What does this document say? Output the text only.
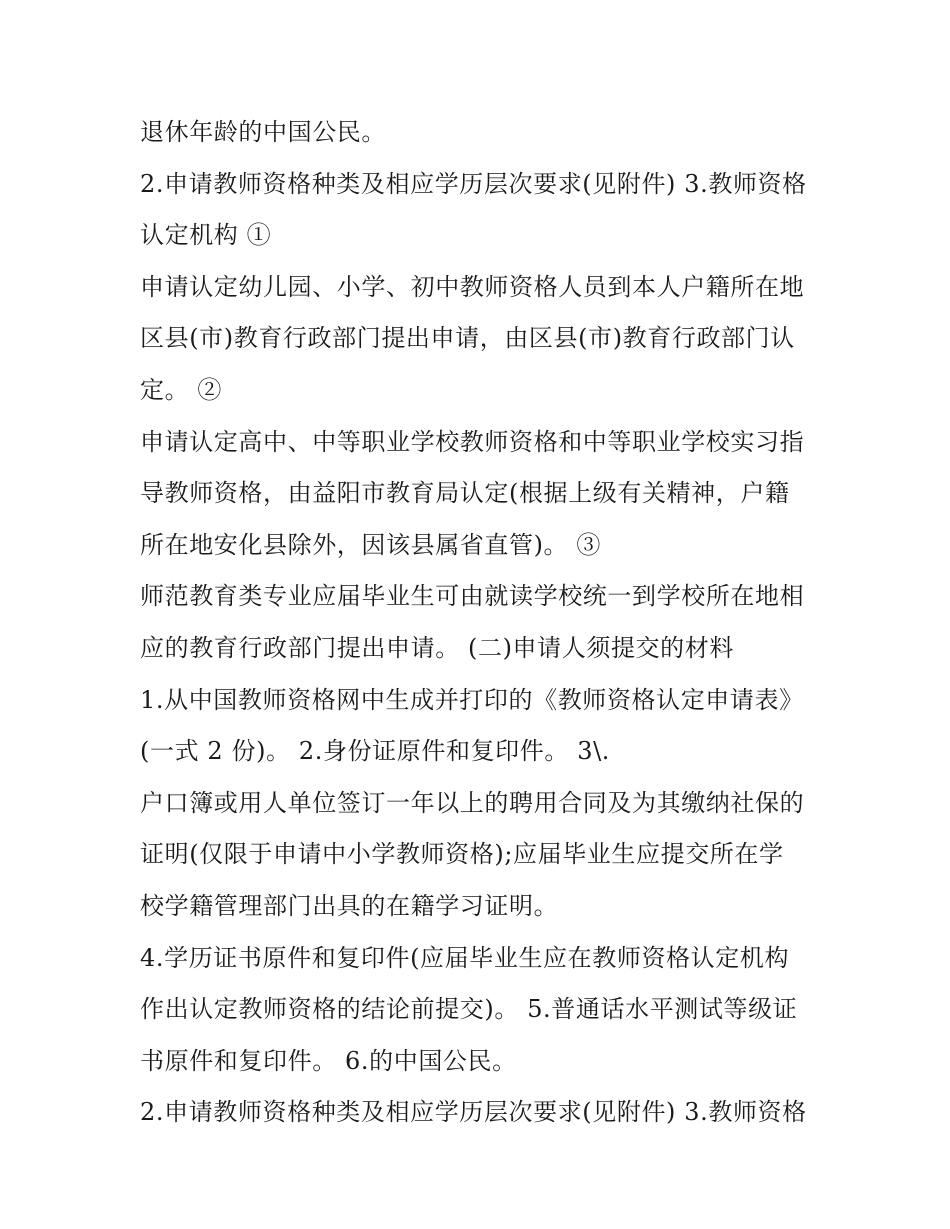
退休年龄的中国公民。
2.申请教师资格种类及相应学历层次要求(见附件) 3.教师资格
认定机构 ①
申请认定幼儿园、小学、初中教师资格人员到本人户籍所在地
区县(市)教育行政部门提出申请，由区县(市)教育行政部门认
定。 ②
申请认定高中、中等职业学校教师资格和中等职业学校实习指
导教师资格，由益阳市教育局认定(根据上级有关精神，户籍
所在地安化县除外，因该县属省直管)。 ③
师范教育类专业应届毕业生可由就读学校统一到学校所在地相
应的教育行政部门提出申请。 (二)申请人须提交的材料
1.从中国教师资格网中生成并打印的《教师资格认定申请表》
(一式 2 份)。 2.身份证原件和复印件。 3\.
户口簿或用人单位签订一年以上的聘用合同及为其缴纳社保的
证明(仅限于申请中小学教师资格);应届毕业生应提交所在学
校学籍管理部门出具的在籍学习证明。
4.学历证书原件和复印件(应届毕业生应在教师资格认定机构
作出认定教师资格的结论前提交)。 5.普通话水平测试等级证
书原件和复印件。 6.的中国公民。
2.申请教师资格种类及相应学历层次要求(见附件) 3.教师资格
